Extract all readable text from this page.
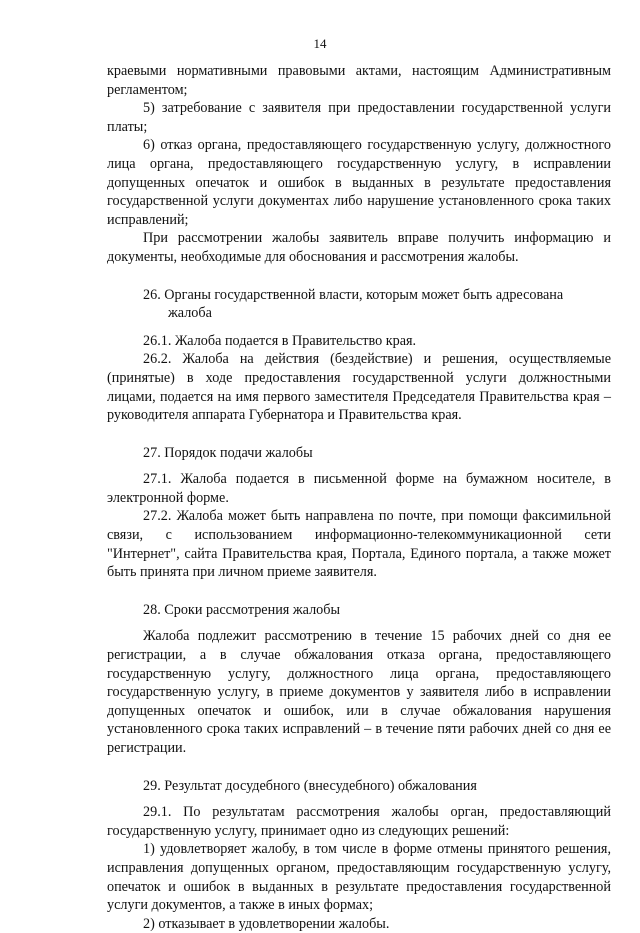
14

краевыми нормативными правовыми актами, настоящим Административным регламентом;

5) затребование с заявителя при предоставлении государственной услуги платы;

6) отказ органа, предоставляющего государственную услугу, должностного лица органа, предоставляющего государственную услугу, в исправлении допущенных опечаток и ошибок в выданных в результате предоставления государственной услуги документах либо нарушение установленного срока таких исправлений;

При рассмотрении жалобы заявитель вправе получить информацию и документы, необходимые для обоснования и рассмотрения жалобы.

26. Органы государственной власти, которым может быть адресована
жалоба

26.1. Жалоба подается в Правительство края.

26.2. Жалоба на действия (бездействие) и решения, осуществляемые (принятые) в ходе предоставления государственной услуги должностными лицами, подается на имя первого заместителя Председателя Правительства края – руководителя аппарата Губернатора и Правительства края.

27. Порядок подачи жалобы

27.1. Жалоба подается в письменной форме на бумажном носителе, в электронной форме.

27.2. Жалоба может быть направлена по почте, при помощи факсимильной связи, с использованием информационно-телекоммуникационной сети "Интернет", сайта Правительства края, Портала, Единого портала, а также может быть принята при личном приеме заявителя.

28. Сроки рассмотрения жалобы

Жалоба подлежит рассмотрению в течение 15 рабочих дней со дня ее регистрации, а в случае обжалования отказа органа, предоставляющего государственную услугу, должностного лица органа, предоставляющего государственную услугу, в приеме документов у заявителя либо в исправлении допущенных опечаток и ошибок, или в случае обжалования нарушения установленного срока таких исправлений – в течение пяти рабочих дней со дня ее регистрации.

29. Результат досудебного (внесудебного) обжалования

29.1. По результатам рассмотрения жалобы орган, предоставляющий государственную услугу, принимает одно из следующих решений:

1) удовлетворяет жалобу, в том числе в форме отмены принятого решения, исправления допущенных органом, предоставляющим государственную услугу, опечаток и ошибок в выданных в результате предоставления государственной услуги документов, а также в иных формах;

2) отказывает в удовлетворении жалобы.
